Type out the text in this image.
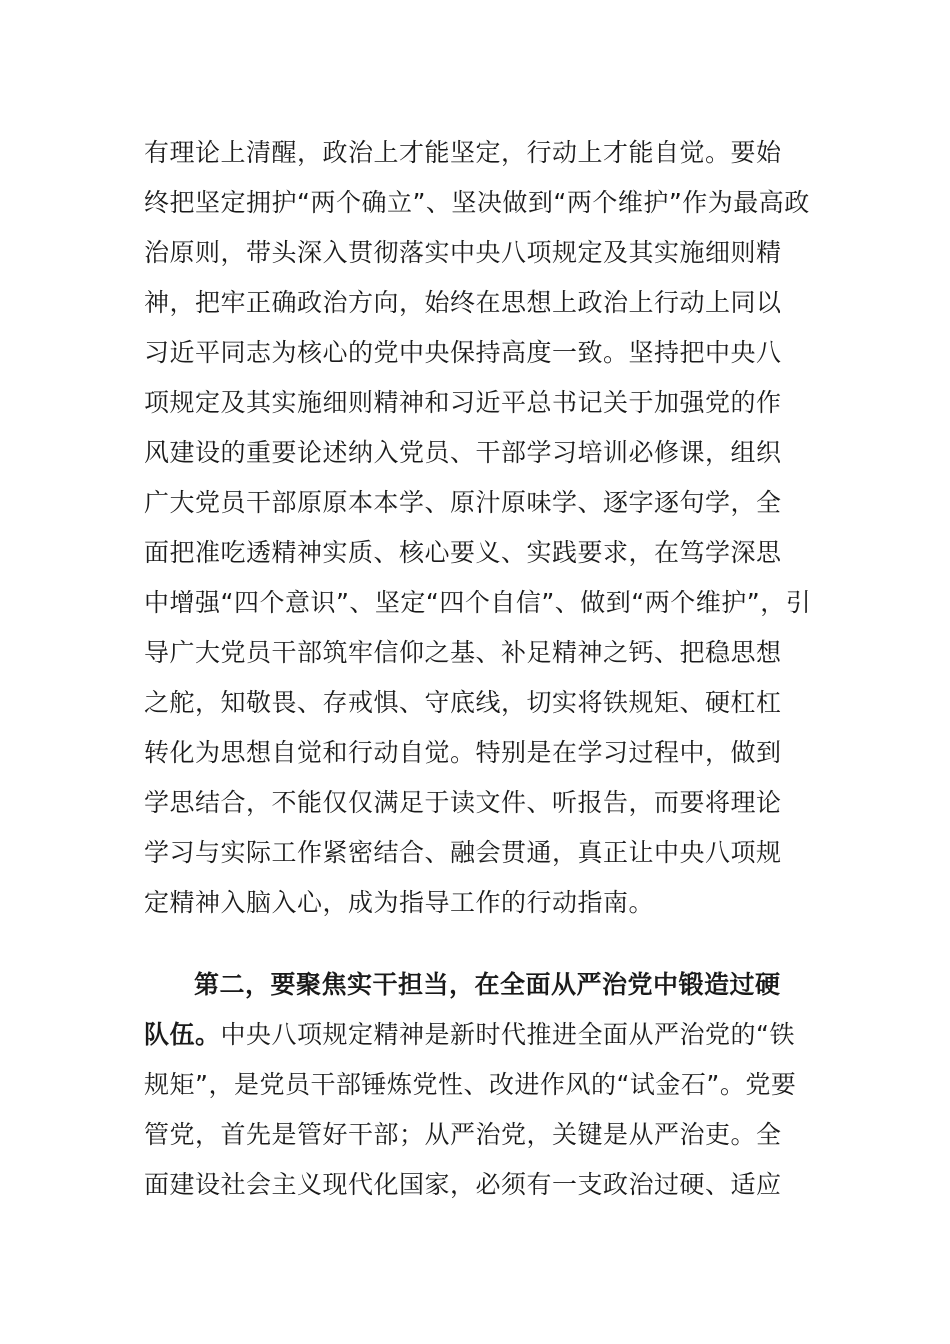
有理论上清醒，政治上才能坚定，行动上才能自觉。要始
终把坚定拥护“两个确立”、坚决做到“两个维护”作为最高政
治原则，带头深入贯彻落实中央八项规定及其实施细则精
神，把牢正确政治方向，始终在思想上政治上行动上同以
习近平同志为核心的党中央保持高度一致。坚持把中央八
项规定及其实施细则精神和习近平总书记关于加强党的作
风建设的重要论述纳入党员、干部学习培训必修课，组织
广大党员干部原原本本学、原汁原味学、逐字逐句学，全
面把准吃透精神实质、核心要义、实践要求，在笃学深思
中增强“四个意识”、坚定“四个自信”、做到“两个维护”，引
导广大党员干部筑牢信仰之基、补足精神之钙、把稳思想
之舵，知敬畏、存戒惧、守底线，切实将铁规矩、硬杠杠
转化为思想自觉和行动自觉。特别是在学习过程中，做到
学思结合，不能仅仅满足于读文件、听报告，而要将理论
学习与实际工作紧密结合、融会贯通，真正让中央八项规
定精神入脑入心，成为指导工作的行动指南。
第二，要聚焦实干担当，在全面从严治党中锻造过硬
队伍。中央八项规定精神是新时代推进全面从严治党的“铁
规矩”，是党员干部锤炼党性、改进作风的“试金石”。党要
管党，首先是管好干部；从严治党，关键是从严治吏。全
面建设社会主义现代化国家，必须有一支政治过硬、适应
